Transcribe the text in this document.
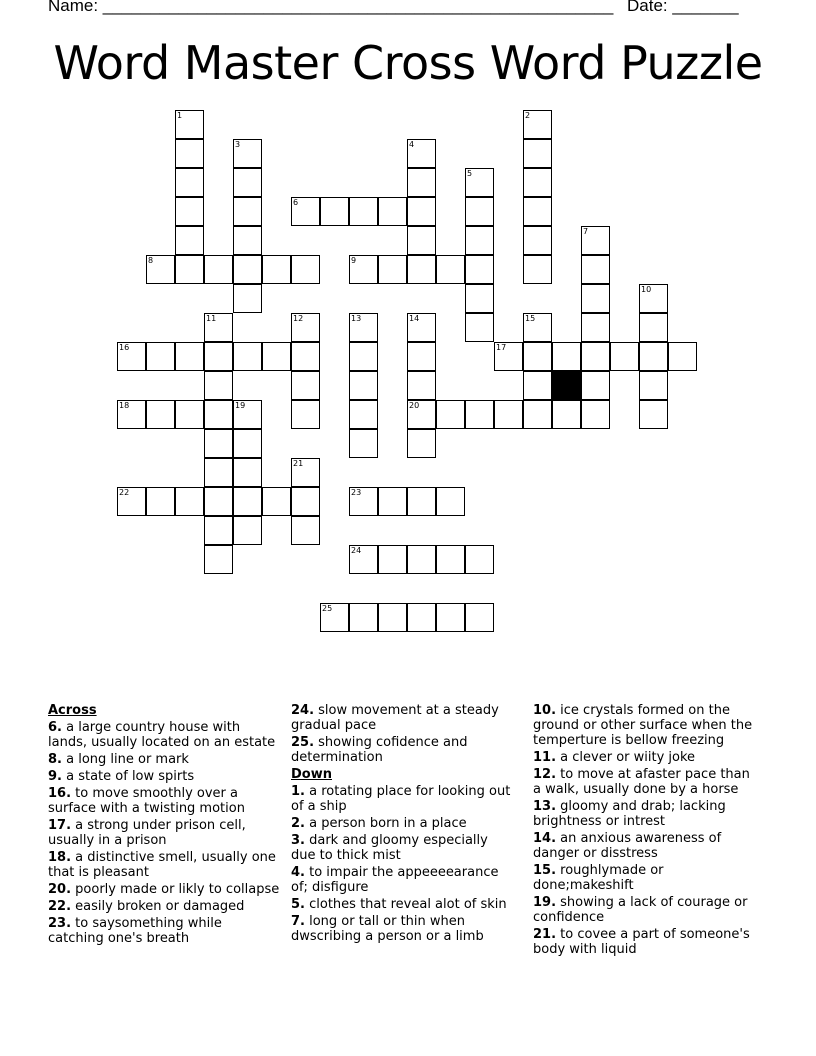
Name: ______________________________________________________ Date: _______
Word Master Cross Word Puzzle
1	2
3	4
5
6
7
8	9
10
11	12	13	14	15
16	17
18	19	20
21
22	23
24
25
Across
6. a large country house with lands, usually located on an estate
8. a long line or mark
9. a state of low spirts
16. to move smoothly over a surface with a twisting motion
17. a strong under prison cell, usually in a prison
18. a distinctive smell, usually one that is pleasant
20. poorly made or likly to collapse
22. easily broken or damaged
23. to saysomething while catching one's breath
24. slow movement at a steady gradual pace
25. showing cofidence and determination
Down
1. a rotating place for looking out of a ship
2. a person born in a place
3. dark and gloomy especially due to thick mist
4. to impair the appeeeearance of; disfigure
5. clothes that reveal alot of skin
7. long or tall or thin when dwscribing a person or a limb
10. ice crystals formed on the ground or other surface when the temperture is bellow freezing
11. a clever or wiity joke
12. to move at afaster pace than a walk, usually done by a horse
13. gloomy and drab; lacking brightness or intrest
14. an anxious awareness of danger or disstress
15. roughlymade or done;makeshift
19. showing a lack of courage or confidence
21. to covee a part of someone's body with liquid
